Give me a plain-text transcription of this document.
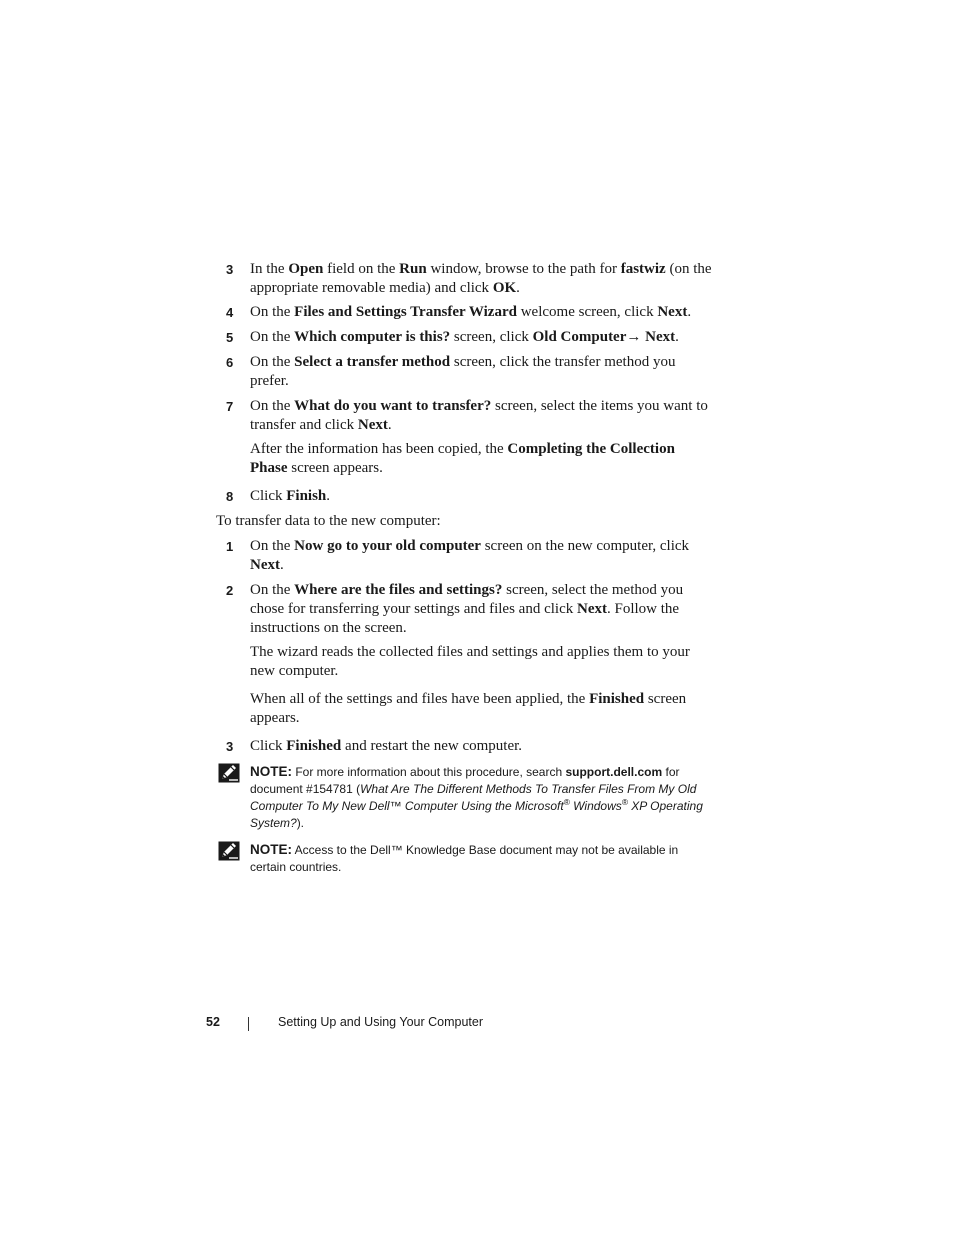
3	In the Open field on the Run window, browse to the path for fastwiz (on the appropriate removable media) and click OK.
4	On the Files and Settings Transfer Wizard welcome screen, click Next.
5	On the Which computer is this? screen, click Old Computer→ Next.
6	On the Select a transfer method screen, click the transfer method you prefer.
7	On the What do you want to transfer? screen, select the items you want to transfer and click Next.
After the information has been copied, the Completing the Collection Phase screen appears.
8	Click Finish.
To transfer data to the new computer:
1	On the Now go to your old computer screen on the new computer, click Next.
2	On the Where are the files and settings? screen, select the method you chose for transferring your settings and files and click Next. Follow the instructions on the screen.
The wizard reads the collected files and settings and applies them to your new computer.
When all of the settings and files have been applied, the Finished screen appears.
3	Click Finished and restart the new computer.
NOTE: For more information about this procedure, search support.dell.com for document #154781 (What Are The Different Methods To Transfer Files From My Old Computer To My New Dell™ Computer Using the Microsoft® Windows® XP Operating System?).
NOTE: Access to the Dell™ Knowledge Base document may not be available in certain countries.
52	Setting Up and Using Your Computer
